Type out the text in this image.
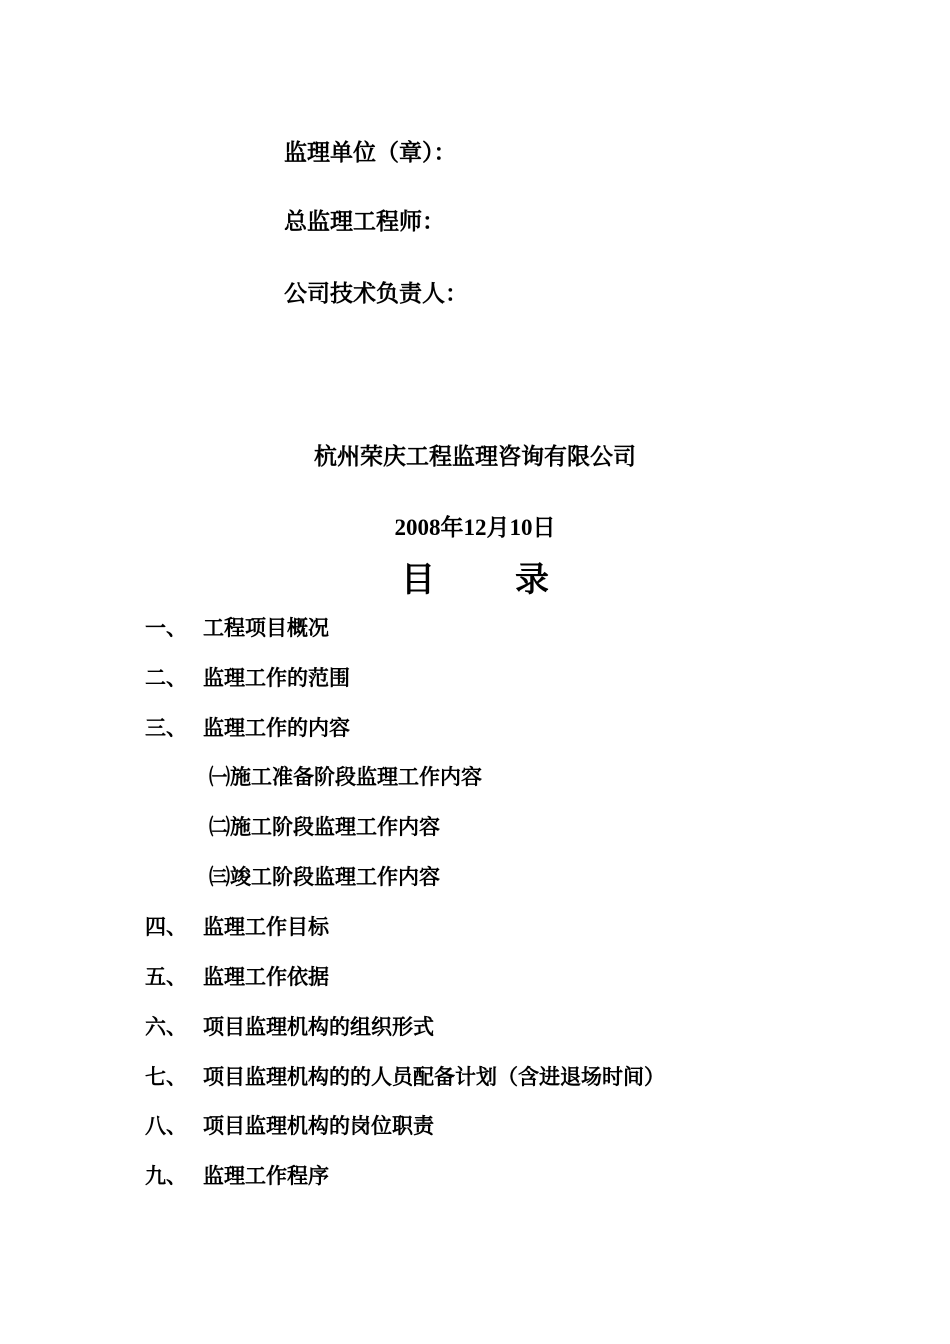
监理单位（章）：
总监理工程师：
公司技术负责人：
杭州荣庆工程监理咨询有限公司
2008年12月10日
目 录
一、 工程项目概况
二、 监理工作的范围
三、 监理工作的内容
㈠施工准备阶段监理工作内容
㈡施工阶段监理工作内容
㈢竣工阶段监理工作内容
四、 监理工作目标
五、 监理工作依据
六、 项目监理机构的组织形式
七、 项目监理机构的的人员配备计划（含进退场时间）
八、 项目监理机构的岗位职责
九、 监理工作程序
